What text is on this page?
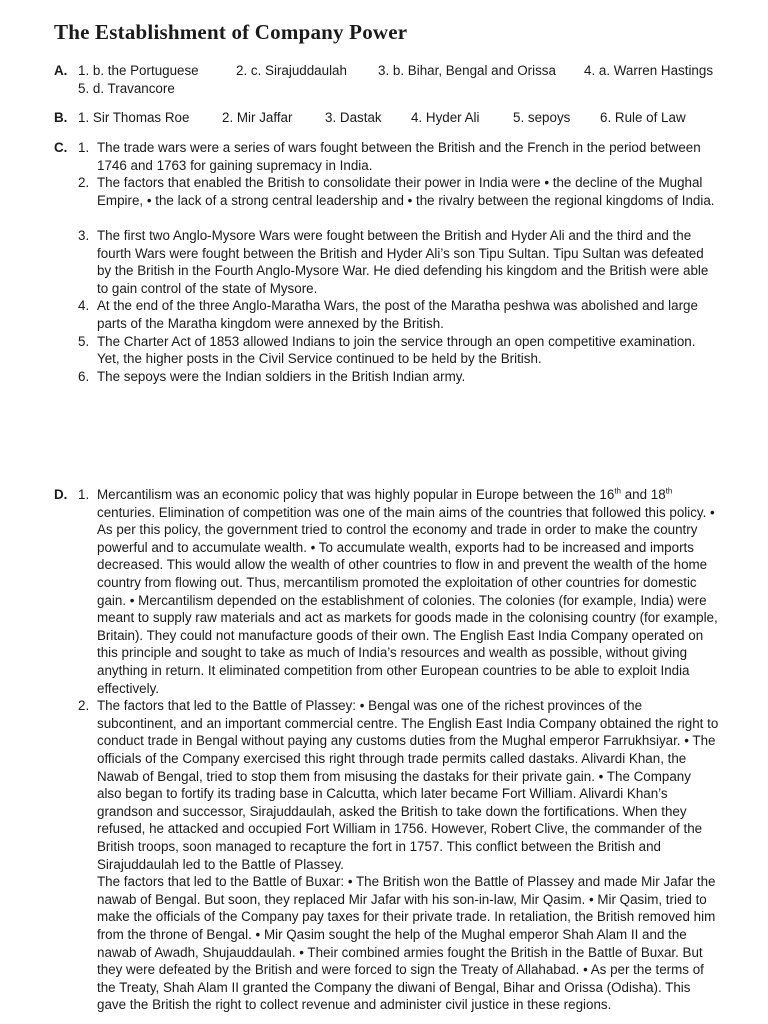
The Establishment of Company Power
A. 1. b. the Portuguese	2. c. Sirajuddaulah 3. b. Bihar, Bengal and Orissa 4. a. Warren Hastings
5. d. Travancore
B. 1. Sir Thomas Roe 2. Mir Jaffar 3. Dastak 4. Hyder Ali	5. sepoys 6. Rule of Law
C. 1. The trade wars were a series of wars fought between the British and the French in the period between 1746 and 1763 for gaining supremacy in India.
2. The factors that enabled the British to consolidate their power in India were • the decline of the Mughal Empire, • the lack of a strong central leadership and • the rivalry between the regional kingdoms of India.
3. The first two Anglo-Mysore Wars were fought between the British and Hyder Ali and the third and the fourth Wars were fought between the British and Hyder Ali’s son Tipu Sultan. Tipu Sultan was defeated by the British in the Fourth Anglo-Mysore War. He died defending his kingdom and the British were able to gain control of the state of Mysore.
4. At the end of the three Anglo-Maratha Wars, the post of the Maratha peshwa was abolished and large parts of the Maratha kingdom were annexed by the British.
5. The Charter Act of 1853 allowed Indians to join the service through an open competitive examination. Yet, the higher posts in the Civil Service continued to be held by the British.
6. The sepoys were the Indian soldiers in the British Indian army.
D. 1. Mercantilism was an economic policy that was highly popular in Europe between the 16th and 18th centuries. Elimination of competition was one of the main aims of the countries that followed this policy. • As per this policy, the government tried to control the economy and trade in order to make the country powerful and to accumulate wealth. • To accumulate wealth, exports had to be increased and imports decreased. This would allow the wealth of other countries to flow in and prevent the wealth of the home country from flowing out. Thus, mercantilism promoted the exploitation of other countries for domestic gain. • Mercantilism depended on the establishment of colonies. The colonies (for example, India) were meant to supply raw materials and act as markets for goods made in the colonising country (for example, Britain). They could not manufacture goods of their own. The English East India Company operated on this principle and sought to take as much of India’s resources and wealth as possible, without giving anything in return. It eliminated competition from other European countries to be able to exploit India effectively.
2. The factors that led to the Battle of Plassey: • Bengal was one of the richest provinces of the subcontinent, and an important commercial centre. The English East India Company obtained the right to conduct trade in Bengal without paying any customs duties from the Mughal emperor Farrukhsiyar. • The officials of the Company exercised this right through trade permits called dastaks. Alivardi Khan, the Nawab of Bengal, tried to stop them from misusing the dastaks for their private gain. • The Company also began to fortify its trading base in Calcutta, which later became Fort William. Alivardi Khan’s grandson and successor, Sirajuddaulah, asked the British to take down the fortifications. When they refused, he attacked and occupied Fort William in 1756. However, Robert Clive, the commander of the British troops, soon managed to recapture the fort in 1757. This conflict between the British and Sirajuddaulah led to the Battle of Plassey.
The factors that led to the Battle of Buxar: • The British won the Battle of Plassey and made Mir Jafar the nawab of Bengal. But soon, they replaced Mir Jafar with his son-in-law, Mir Qasim. • Mir Qasim, tried to make the officials of the Company pay taxes for their private trade. In retaliation, the British removed him from the throne of Bengal. • Mir Qasim sought the help of the Mughal emperor Shah Alam II and the nawab of Awadh, Shujauddaulah. • Their combined armies fought the British in the Battle of Buxar. But they were defeated by the British and were forced to sign the Treaty of Allahabad. • As per the terms of the Treaty, Shah Alam II granted the Company the diwani of Bengal, Bihar and Orissa (Odisha). This gave the British the right to collect revenue and administer civil justice in these regions.
